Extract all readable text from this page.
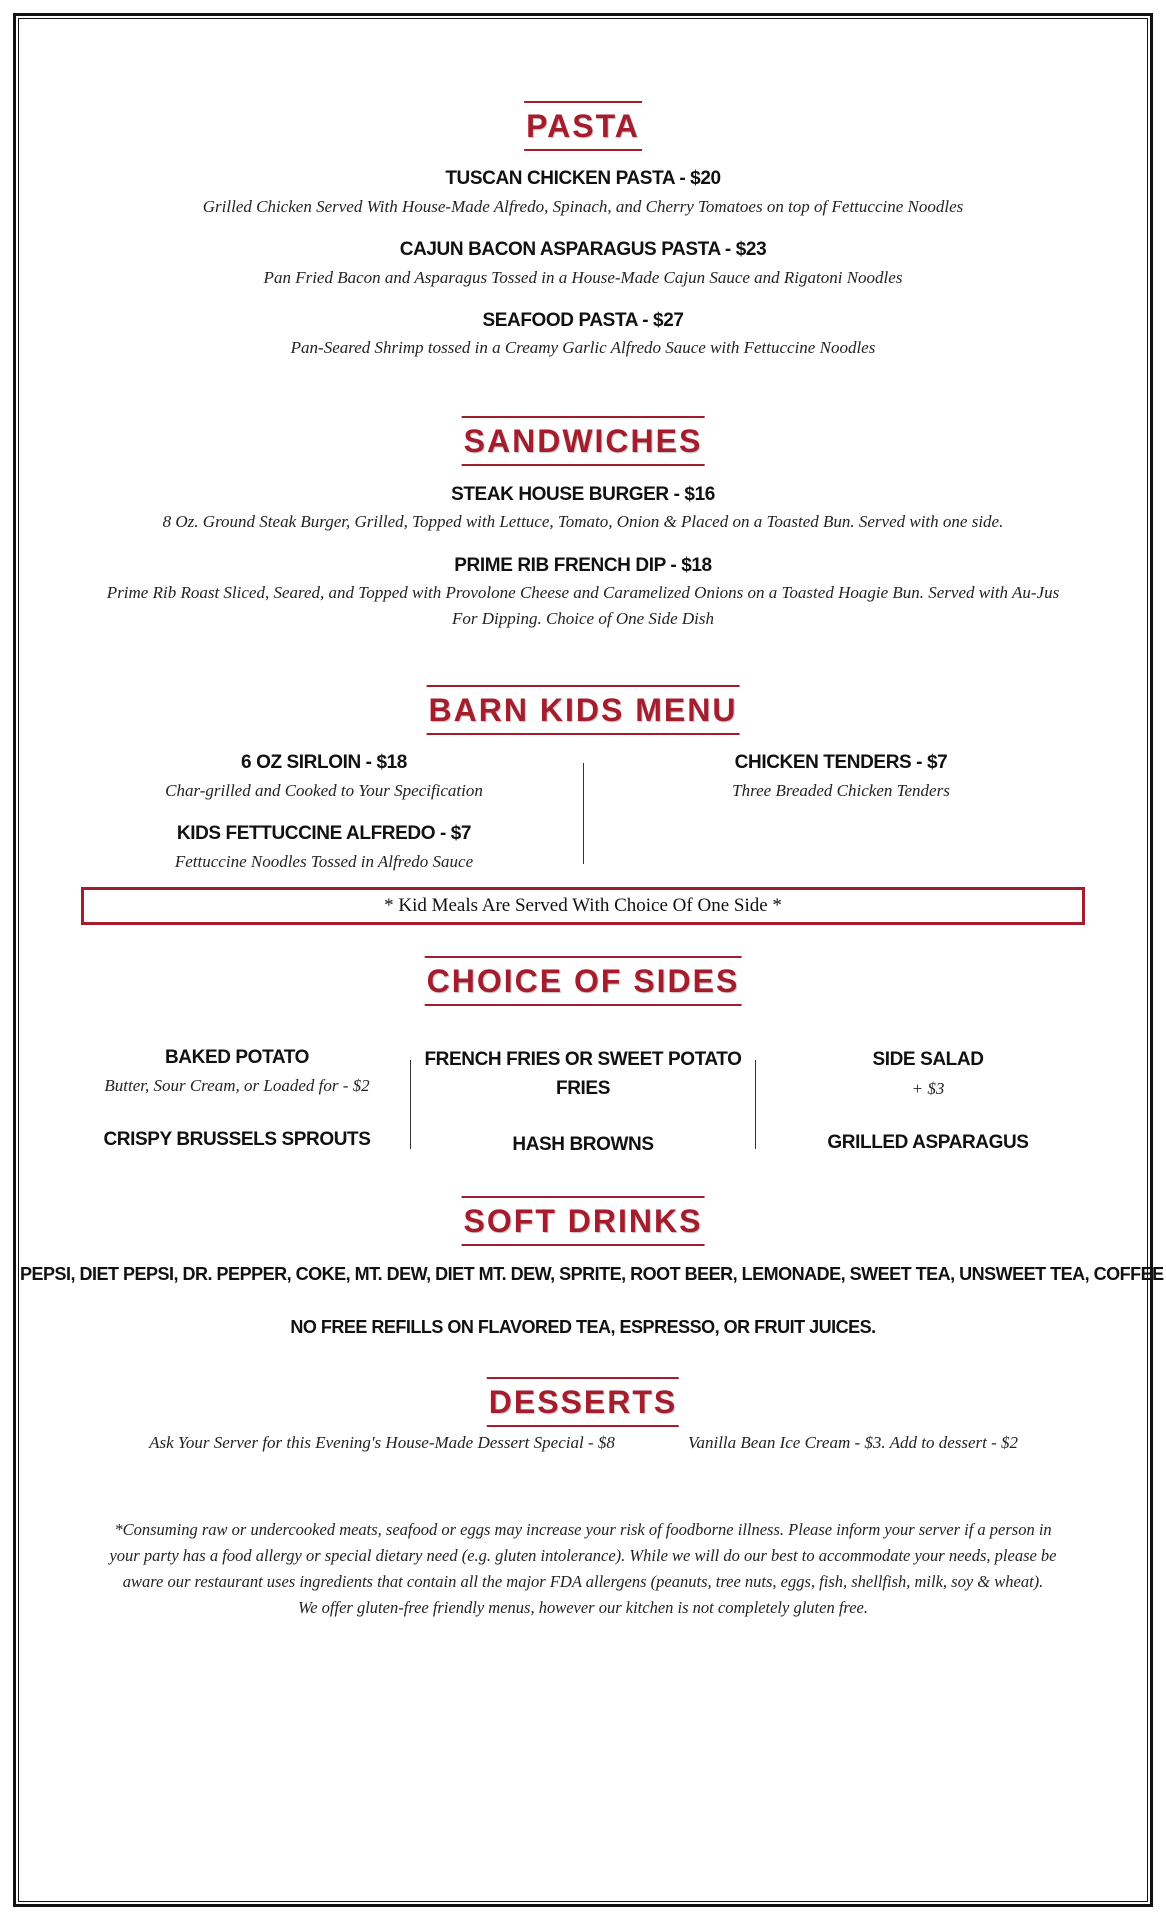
PASTA
TUSCAN CHICKEN PASTA - $20
Grilled Chicken Served With House-Made Alfredo, Spinach, and Cherry Tomatoes on top of Fettuccine Noodles
CAJUN BACON ASPARAGUS PASTA - $23
Pan Fried Bacon and Asparagus Tossed in a House-Made Cajun Sauce and Rigatoni Noodles
SEAFOOD PASTA - $27
Pan-Seared Shrimp tossed in a Creamy Garlic Alfredo Sauce with Fettuccine Noodles
SANDWICHES
STEAK HOUSE BURGER - $16
8 Oz. Ground Steak Burger, Grilled, Topped with Lettuce, Tomato, Onion & Placed on a Toasted Bun. Served with one side.
PRIME RIB FRENCH DIP - $18
Prime Rib Roast Sliced, Seared, and Topped with Provolone Cheese and Caramelized Onions on a Toasted Hoagie Bun. Served with Au-Jus
For Dipping. Choice of One Side Dish
BARN KIDS MENU
6 OZ SIRLOIN - $18
Char-grilled and Cooked to Your Specification
KIDS FETTUCCINE ALFREDO - $7
Fettuccine Noodles Tossed in Alfredo Sauce
CHICKEN TENDERS - $7
Three Breaded Chicken Tenders
* Kid Meals Are Served With Choice Of One Side *
CHOICE OF SIDES
BAKED POTATO
Butter, Sour Cream, or Loaded for - $2
CRISPY BRUSSELS SPROUTS
FRENCH FRIES OR SWEET POTATO
FRIES
HASH BROWNS
SIDE SALAD
+ $3
GRILLED ASPARAGUS
SOFT DRINKS
PEPSI, DIET PEPSI, DR. PEPPER, COKE, MT. DEW, DIET MT. DEW, SPRITE, ROOT BEER, LEMONADE, SWEET TEA, UNSWEET TEA, COFFEE
NO FREE REFILLS ON FLAVORED TEA, ESPRESSO, OR FRUIT JUICES.
DESSERTS
Ask Your Server for this Evening's House-Made Dessert Special - $8	Vanilla Bean Ice Cream - $3. Add to dessert - $2
*Consuming raw or undercooked meats, seafood or eggs may increase your risk of foodborne illness. Please inform your server if a person in
your party has a food allergy or special dietary need (e.g. gluten intolerance). While we will do our best to accommodate your needs, please be
aware our restaurant uses ingredients that contain all the major FDA allergens (peanuts, tree nuts, eggs, fish, shellfish, milk, soy & wheat).
We offer gluten-free friendly menus, however our kitchen is not completely gluten free.
